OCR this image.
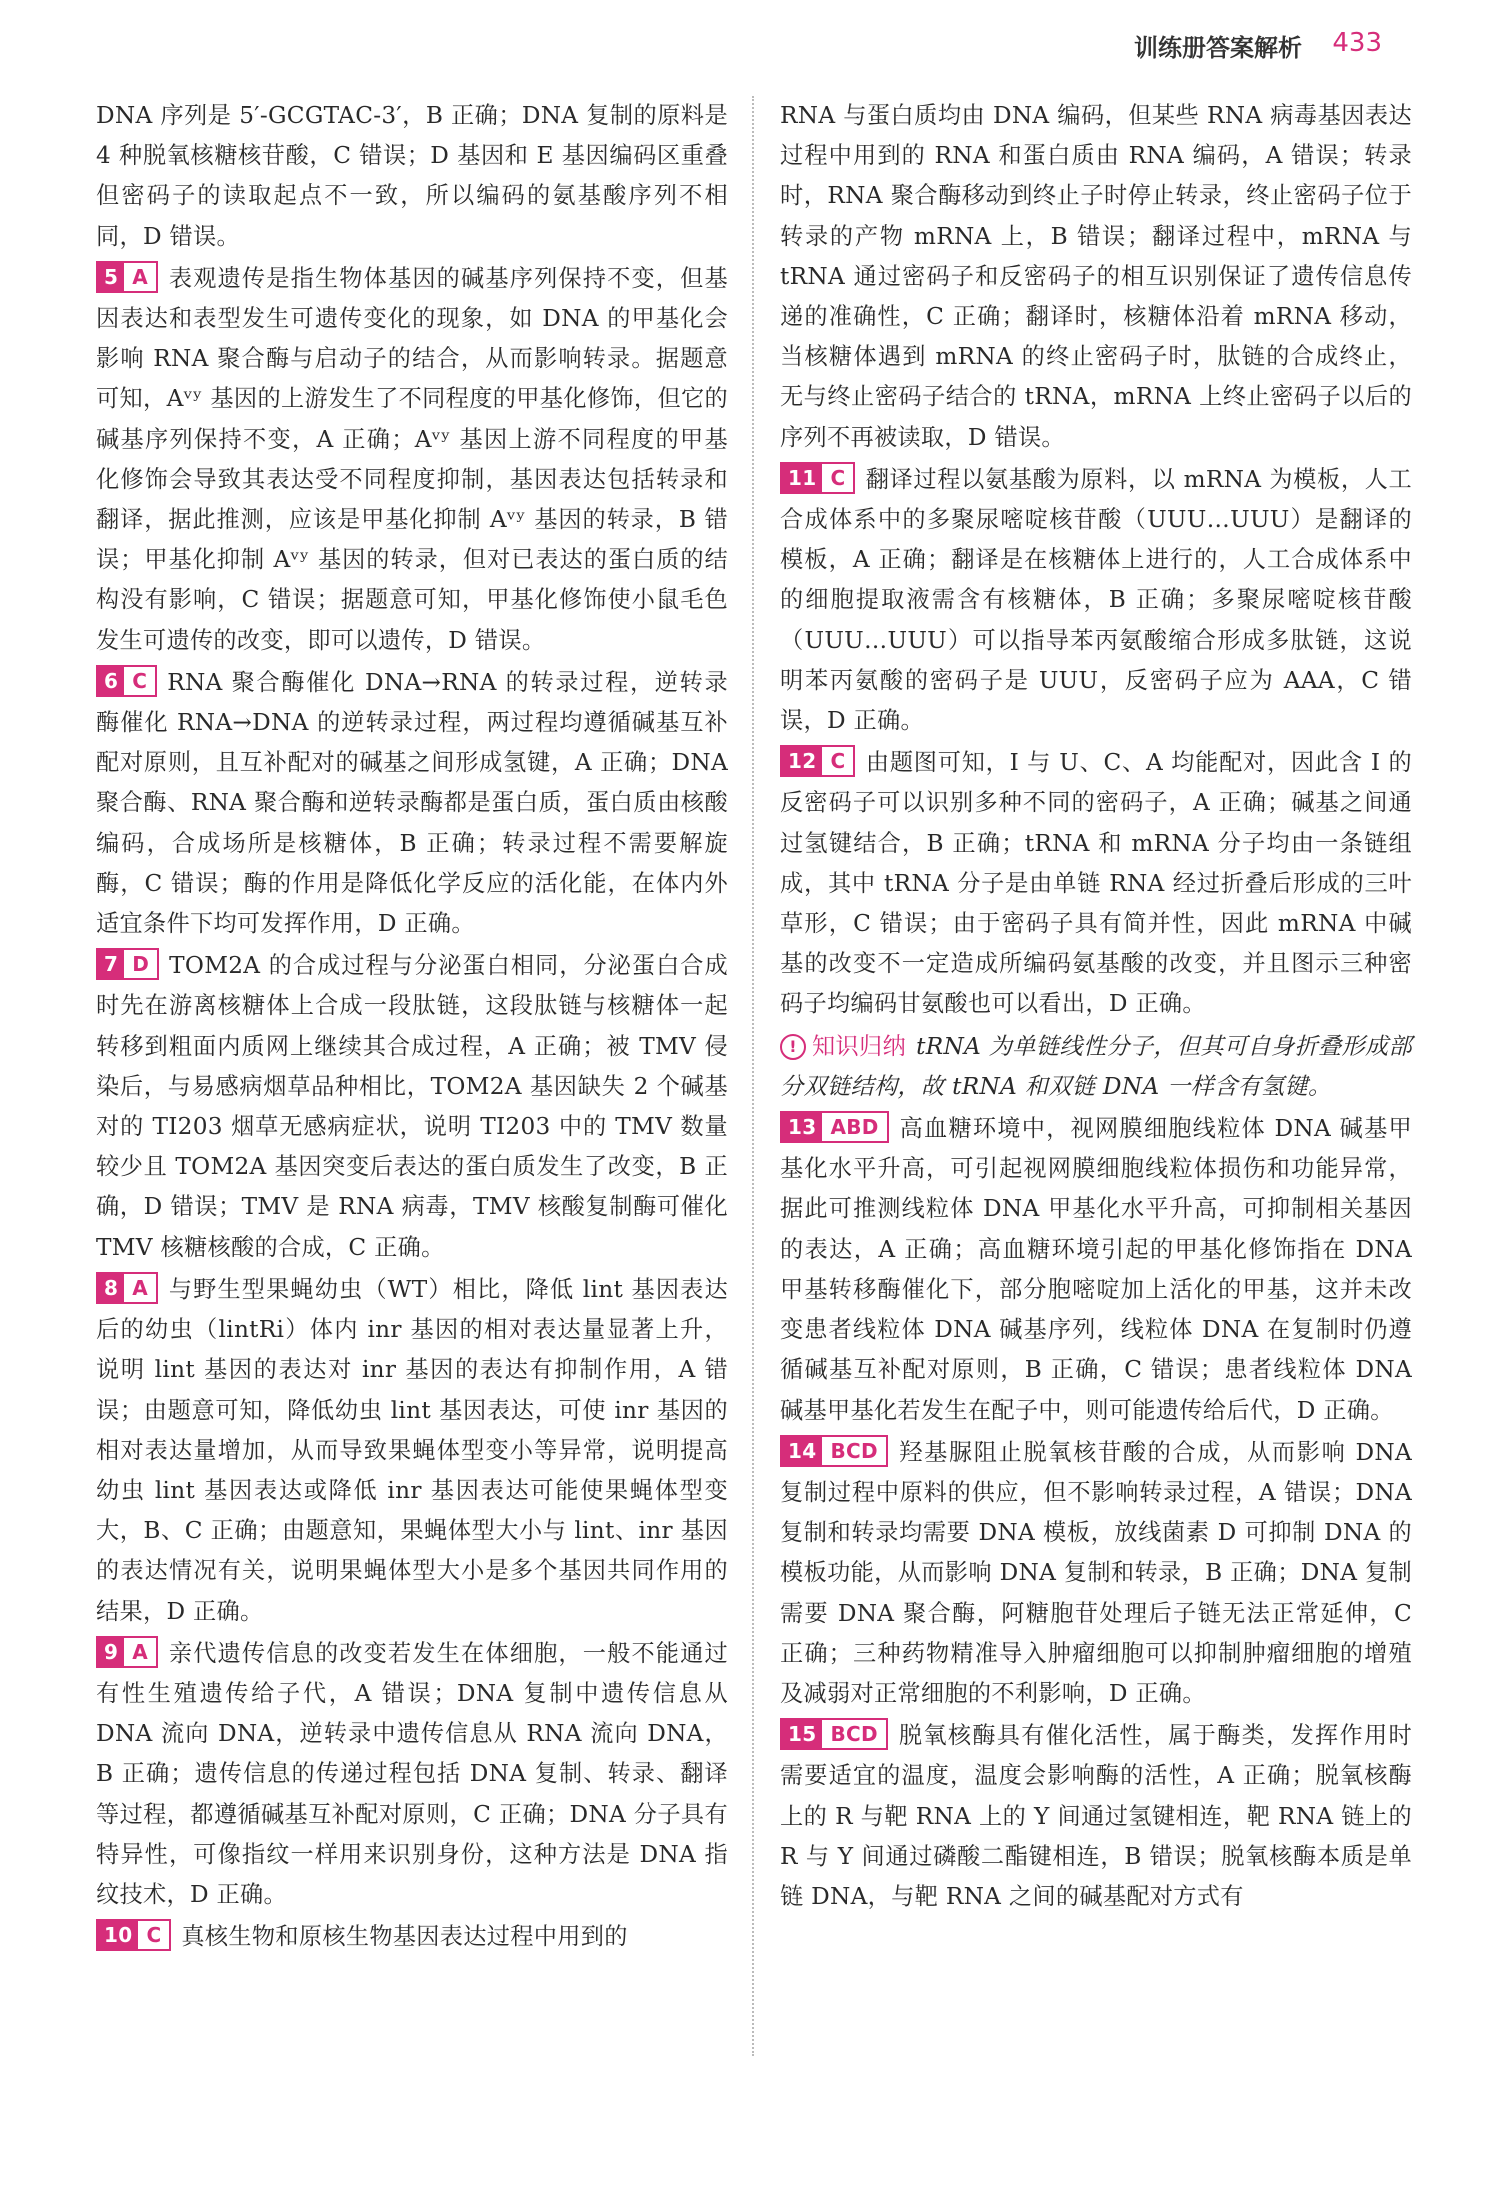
训练册答案解析 433

DNA 序列是 5′-GCGTAC-3′，B 正确；DNA 复制的原料是 4 种脱氧核糖核苷酸，C 错误；D 基因和 E 基因编码区重叠但密码子的读取起点不一致，所以编码的氨基酸序列不相同，D 错误。

5 A 表观遗传是指生物体基因的碱基序列保持不变，但基因表达和表型发生可遗传变化的现象，如 DNA 的甲基化会影响 RNA 聚合酶与启动子的结合，从而影响转录。据题意可知，Aᵛʸ 基因的上游发生了不同程度的甲基化修饰，但它的碱基序列保持不变，A 正确；Aᵛʸ 基因上游不同程度的甲基化修饰会导致其表达受不同程度抑制，基因表达包括转录和翻译，据此推测，应该是甲基化抑制 Aᵛʸ 基因的转录，B 错误；甲基化抑制 Aᵛʸ 基因的转录，但对已表达的蛋白质的结构没有影响，C 错误；据题意可知，甲基化修饰使小鼠毛色发生可遗传的改变，即可以遗传，D 错误。

6 C RNA 聚合酶催化 DNA→RNA 的转录过程，逆转录酶催化 RNA→DNA 的逆转录过程，两过程均遵循碱基互补配对原则，且互补配对的碱基之间形成氢键，A 正确；DNA 聚合酶、RNA 聚合酶和逆转录酶都是蛋白质，蛋白质由核酸编码，合成场所是核糖体，B 正确；转录过程不需要解旋酶，C 错误；酶的作用是降低化学反应的活化能，在体内外适宜条件下均可发挥作用，D 正确。

7 D TOM2A 的合成过程与分泌蛋白相同，分泌蛋白合成时先在游离核糖体上合成一段肽链，这段肽链与核糖体一起转移到粗面内质网上继续其合成过程，A 正确；被 TMV 侵染后，与易感病烟草品种相比，TOM2A 基因缺失 2 个碱基对的 TI203 烟草无感病症状，说明 TI203 中的 TMV 数量较少且 TOM2A 基因突变后表达的蛋白质发生了改变，B 正确，D 错误；TMV 是 RNA 病毒，TMV 核酸复制酶可催化 TMV 核糖核酸的合成，C 正确。

8 A 与野生型果蝇幼虫（WT）相比，降低 lint 基因表达后的幼虫（lintRi）体内 inr 基因的相对表达量显著上升，说明 lint 基因的表达对 inr 基因的表达有抑制作用，A 错误；由题意可知，降低幼虫 lint 基因表达，可使 inr 基因的相对表达量增加，从而导致果蝇体型变小等异常，说明提高幼虫 lint 基因表达或降低 inr 基因表达可能使果蝇体型变大，B、C 正确；由题意知，果蝇体型大小与 lint、inr 基因的表达情况有关，说明果蝇体型大小是多个基因共同作用的结果，D 正确。

9 A 亲代遗传信息的改变若发生在体细胞，一般不能通过有性生殖遗传给子代，A 错误；DNA 复制中遗传信息从 DNA 流向 DNA，逆转录中遗传信息从 RNA 流向 DNA，B 正确；遗传信息的传递过程包括 DNA 复制、转录、翻译等过程，都遵循碱基互补配对原则，C 正确；DNA 分子具有特异性，可像指纹一样用来识别身份，这种方法是 DNA 指纹技术，D 正确。

10 C 真核生物和原核生物基因表达过程中用到的

RNA 与蛋白质均由 DNA 编码，但某些 RNA 病毒基因表达过程中用到的 RNA 和蛋白质由 RNA 编码，A 错误；转录时，RNA 聚合酶移动到终止子时停止转录，终止密码子位于转录的产物 mRNA 上，B 错误；翻译过程中，mRNA 与 tRNA 通过密码子和反密码子的相互识别保证了遗传信息传递的准确性，C 正确；翻译时，核糖体沿着 mRNA 移动，当核糖体遇到 mRNA 的终止密码子时，肽链的合成终止，无与终止密码子结合的 tRNA，mRNA 上终止密码子以后的序列不再被读取，D 错误。

11 C 翻译过程以氨基酸为原料，以 mRNA 为模板，人工合成体系中的多聚尿嘧啶核苷酸（UUU…UUU）是翻译的模板，A 正确；翻译是在核糖体上进行的，人工合成体系中的细胞提取液需含有核糖体，B 正确；多聚尿嘧啶核苷酸（UUU…UUU）可以指导苯丙氨酸缩合形成多肽链，这说明苯丙氨酸的密码子是 UUU，反密码子应为 AAA，C 错误，D 正确。

12 C 由题图可知，I 与 U、C、A 均能配对，因此含 I 的反密码子可以识别多种不同的密码子，A 正确；碱基之间通过氢键结合，B 正确；tRNA 和 mRNA 分子均由一条链组成，其中 tRNA 分子是由单链 RNA 经过折叠后形成的三叶草形，C 错误；由于密码子具有简并性，因此 mRNA 中碱基的改变不一定造成所编码氨基酸的改变，并且图示三种密码子均编码甘氨酸也可以看出，D 正确。

! 知识归纳 tRNA 为单链线性分子，但其可自身折叠形成部分双链结构，故 tRNA 和双链 DNA 一样含有氢键。

13 ABD 高血糖环境中，视网膜细胞线粒体 DNA 碱基甲基化水平升高，可引起视网膜细胞线粒体损伤和功能异常，据此可推测线粒体 DNA 甲基化水平升高，可抑制相关基因的表达，A 正确；高血糖环境引起的甲基化修饰指在 DNA 甲基转移酶催化下，部分胞嘧啶加上活化的甲基，这并未改变患者线粒体 DNA 碱基序列，线粒体 DNA 在复制时仍遵循碱基互补配对原则，B 正确，C 错误；患者线粒体 DNA 碱基甲基化若发生在配子中，则可能遗传给后代，D 正确。

14 BCD 羟基脲阻止脱氧核苷酸的合成，从而影响 DNA 复制过程中原料的供应，但不影响转录过程，A 错误；DNA 复制和转录均需要 DNA 模板，放线菌素 D 可抑制 DNA 的模板功能，从而影响 DNA 复制和转录，B 正确；DNA 复制需要 DNA 聚合酶，阿糖胞苷处理后子链无法正常延伸，C 正确；三种药物精准导入肿瘤细胞可以抑制肿瘤细胞的增殖及减弱对正常细胞的不利影响，D 正确。

15 BCD 脱氧核酶具有催化活性，属于酶类，发挥作用时需要适宜的温度，温度会影响酶的活性，A 正确；脱氧核酶上的 R 与靶 RNA 上的 Y 间通过氢键相连，靶 RNA 链上的 R 与 Y 间通过磷酸二酯键相连，B 错误；脱氧核酶本质是单链 DNA，与靶 RNA 之间的碱基配对方式有
